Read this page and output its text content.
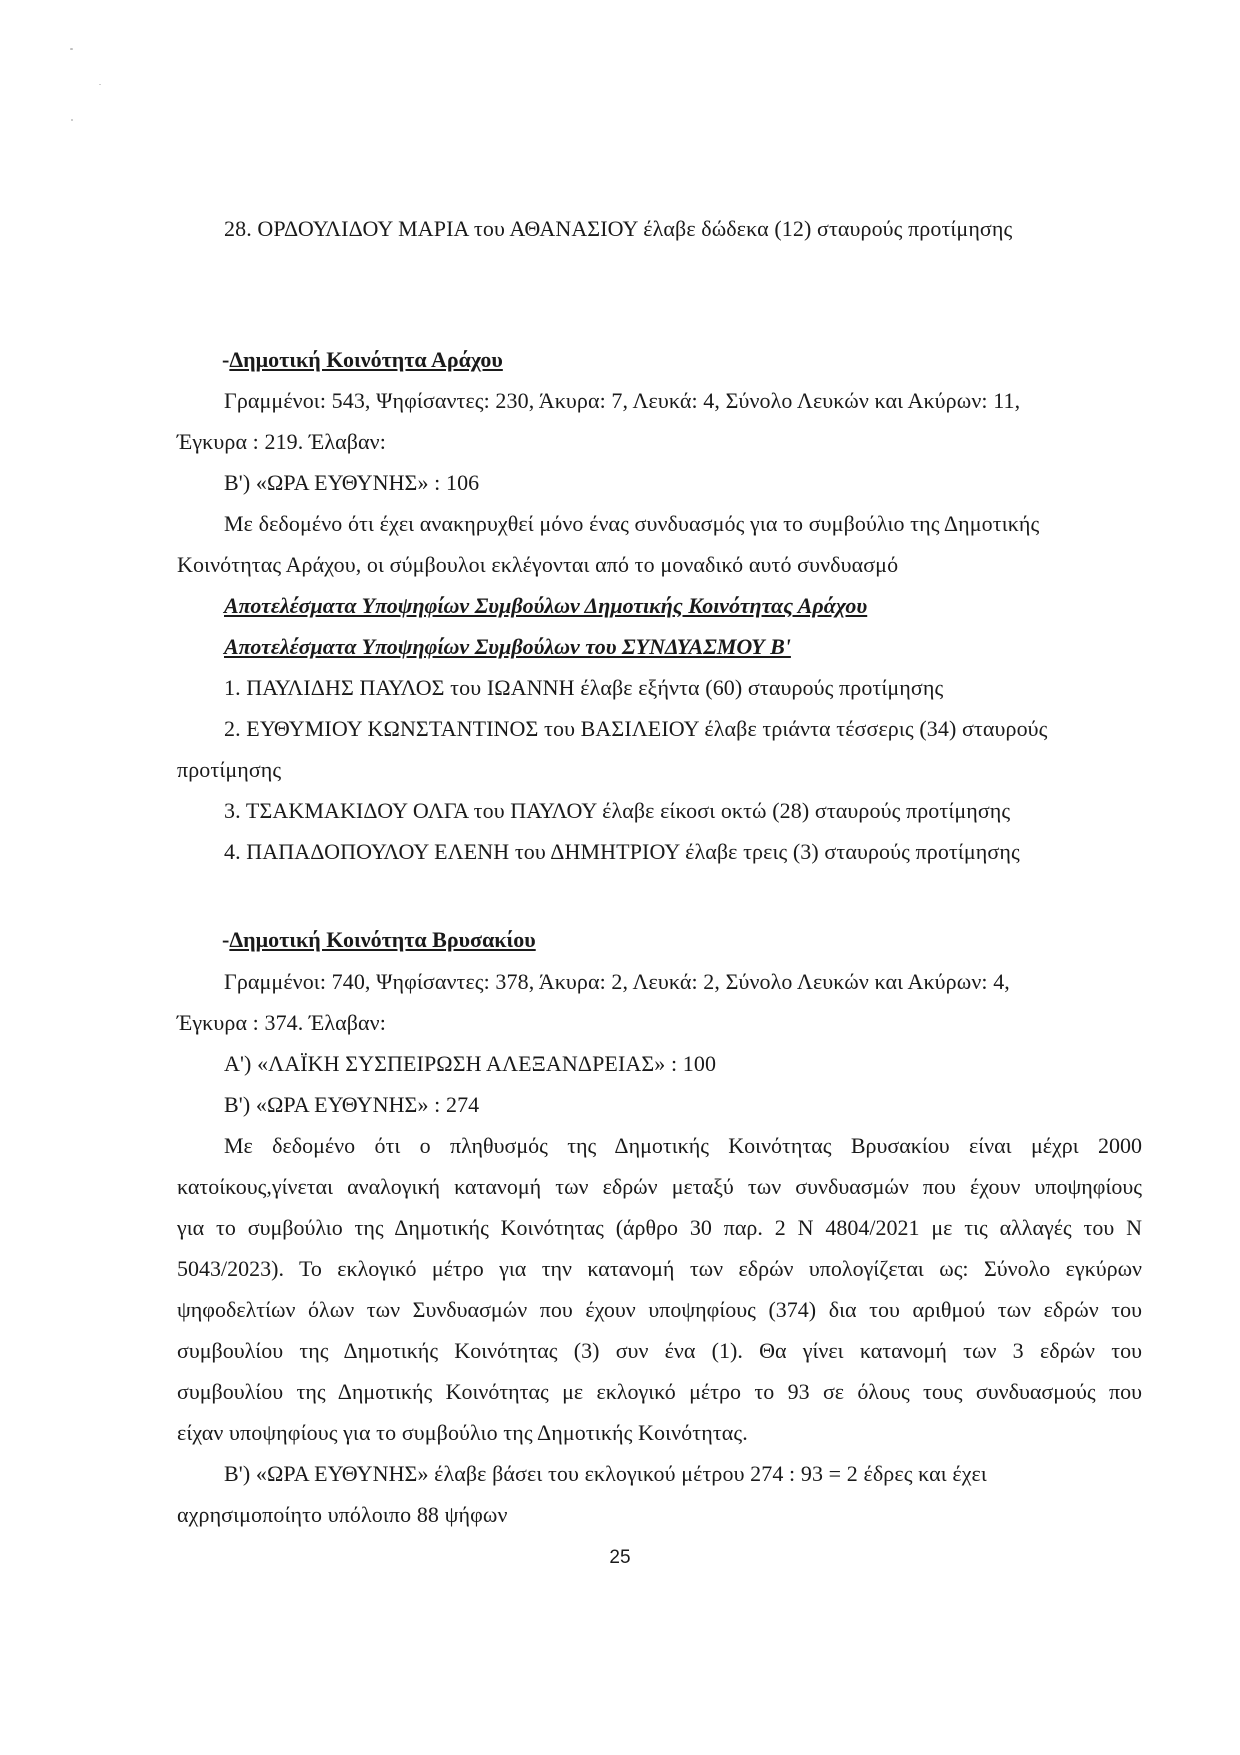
28. ΟΡΔΟΥΛΙΔΟΥ ΜΑΡΙΑ του ΑΘΑΝΑΣΙΟΥ έλαβε δώδεκα (12) σταυρούς προτίμησης
-Δημοτική Κοινότητα Αράχου
Γραμμένοι: 543, Ψηφίσαντες: 230, Άκυρα: 7, Λευκά: 4, Σύνολο Λευκών και Ακύρων: 11,
Έγκυρα : 219. Έλαβαν:
Β') «ΩΡΑ ΕΥΘΥΝΗΣ» : 106
Με δεδομένο ότι έχει ανακηρυχθεί μόνο ένας συνδυασμός για το συμβούλιο της Δημοτικής
Κοινότητας Αράχου, οι σύμβουλοι εκλέγονται από το μοναδικό αυτό συνδυασμό
Αποτελέσματα Υποψηφίων Συμβούλων Δημοτικής Κοινότητας Αράχου
Αποτελέσματα Υποψηφίων Συμβούλων του ΣΥΝΔΥΑΣΜΟΥ Β'
1. ΠΑΥΛΙΔΗΣ ΠΑΥΛΟΣ του ΙΩΑΝΝΗ έλαβε εξήντα (60) σταυρούς προτίμησης
2. ΕΥΘΥΜΙΟΥ ΚΩΝΣΤΑΝΤΙΝΟΣ του ΒΑΣΙΛΕΙΟΥ έλαβε τριάντα τέσσερις (34) σταυρούς
προτίμησης
3. ΤΣΑΚΜΑΚΙΔΟΥ ΟΛΓΑ του ΠΑΥΛΟΥ έλαβε είκοσι οκτώ (28) σταυρούς προτίμησης
4. ΠΑΠΑΔΟΠΟΥΛΟΥ ΕΛΕΝΗ του ΔΗΜΗΤΡΙΟΥ έλαβε τρεις (3) σταυρούς προτίμησης
-Δημοτική Κοινότητα Βρυσακίου
Γραμμένοι: 740, Ψηφίσαντες: 378, Άκυρα: 2, Λευκά: 2, Σύνολο Λευκών και Ακύρων: 4,
Έγκυρα : 374. Έλαβαν:
Α') «ΛΑΪΚΗ ΣΥΣΠΕΙΡΩΣΗ ΑΛΕΞΑΝΔΡΕΙΑΣ» : 100
Β') «ΩΡΑ ΕΥΘΥΝΗΣ» : 274
Με δεδομένο ότι ο πληθυσμός της Δημοτικής Κοινότητας Βρυσακίου είναι μέχρι 2000
κατοίκους,γίνεται αναλογική κατανομή των εδρών μεταξύ των συνδυασμών που έχουν υποψηφίους
για το συμβούλιο της Δημοτικής Κοινότητας (άρθρο 30 παρ. 2 Ν 4804/2021 με τις αλλαγές του Ν
5043/2023). Το εκλογικό μέτρο για την κατανομή των εδρών υπολογίζεται ως: Σύνολο εγκύρων
ψηφοδελτίων όλων των Συνδυασμών που έχουν υποψηφίους (374) δια του αριθμού των εδρών του
συμβουλίου της Δημοτικής Κοινότητας (3) συν ένα (1). Θα γίνει κατανομή των 3 εδρών του
συμβουλίου της Δημοτικής Κοινότητας με εκλογικό μέτρο το 93 σε όλους τους συνδυασμούς που
είχαν υποψηφίους για το συμβούλιο της Δημοτικής Κοινότητας.
Β') «ΩΡΑ ΕΥΘΥΝΗΣ» έλαβε βάσει του εκλογικού μέτρου 274 : 93 = 2 έδρες και έχει
αχρησιμοποίητο υπόλοιπο 88 ψήφων
25
